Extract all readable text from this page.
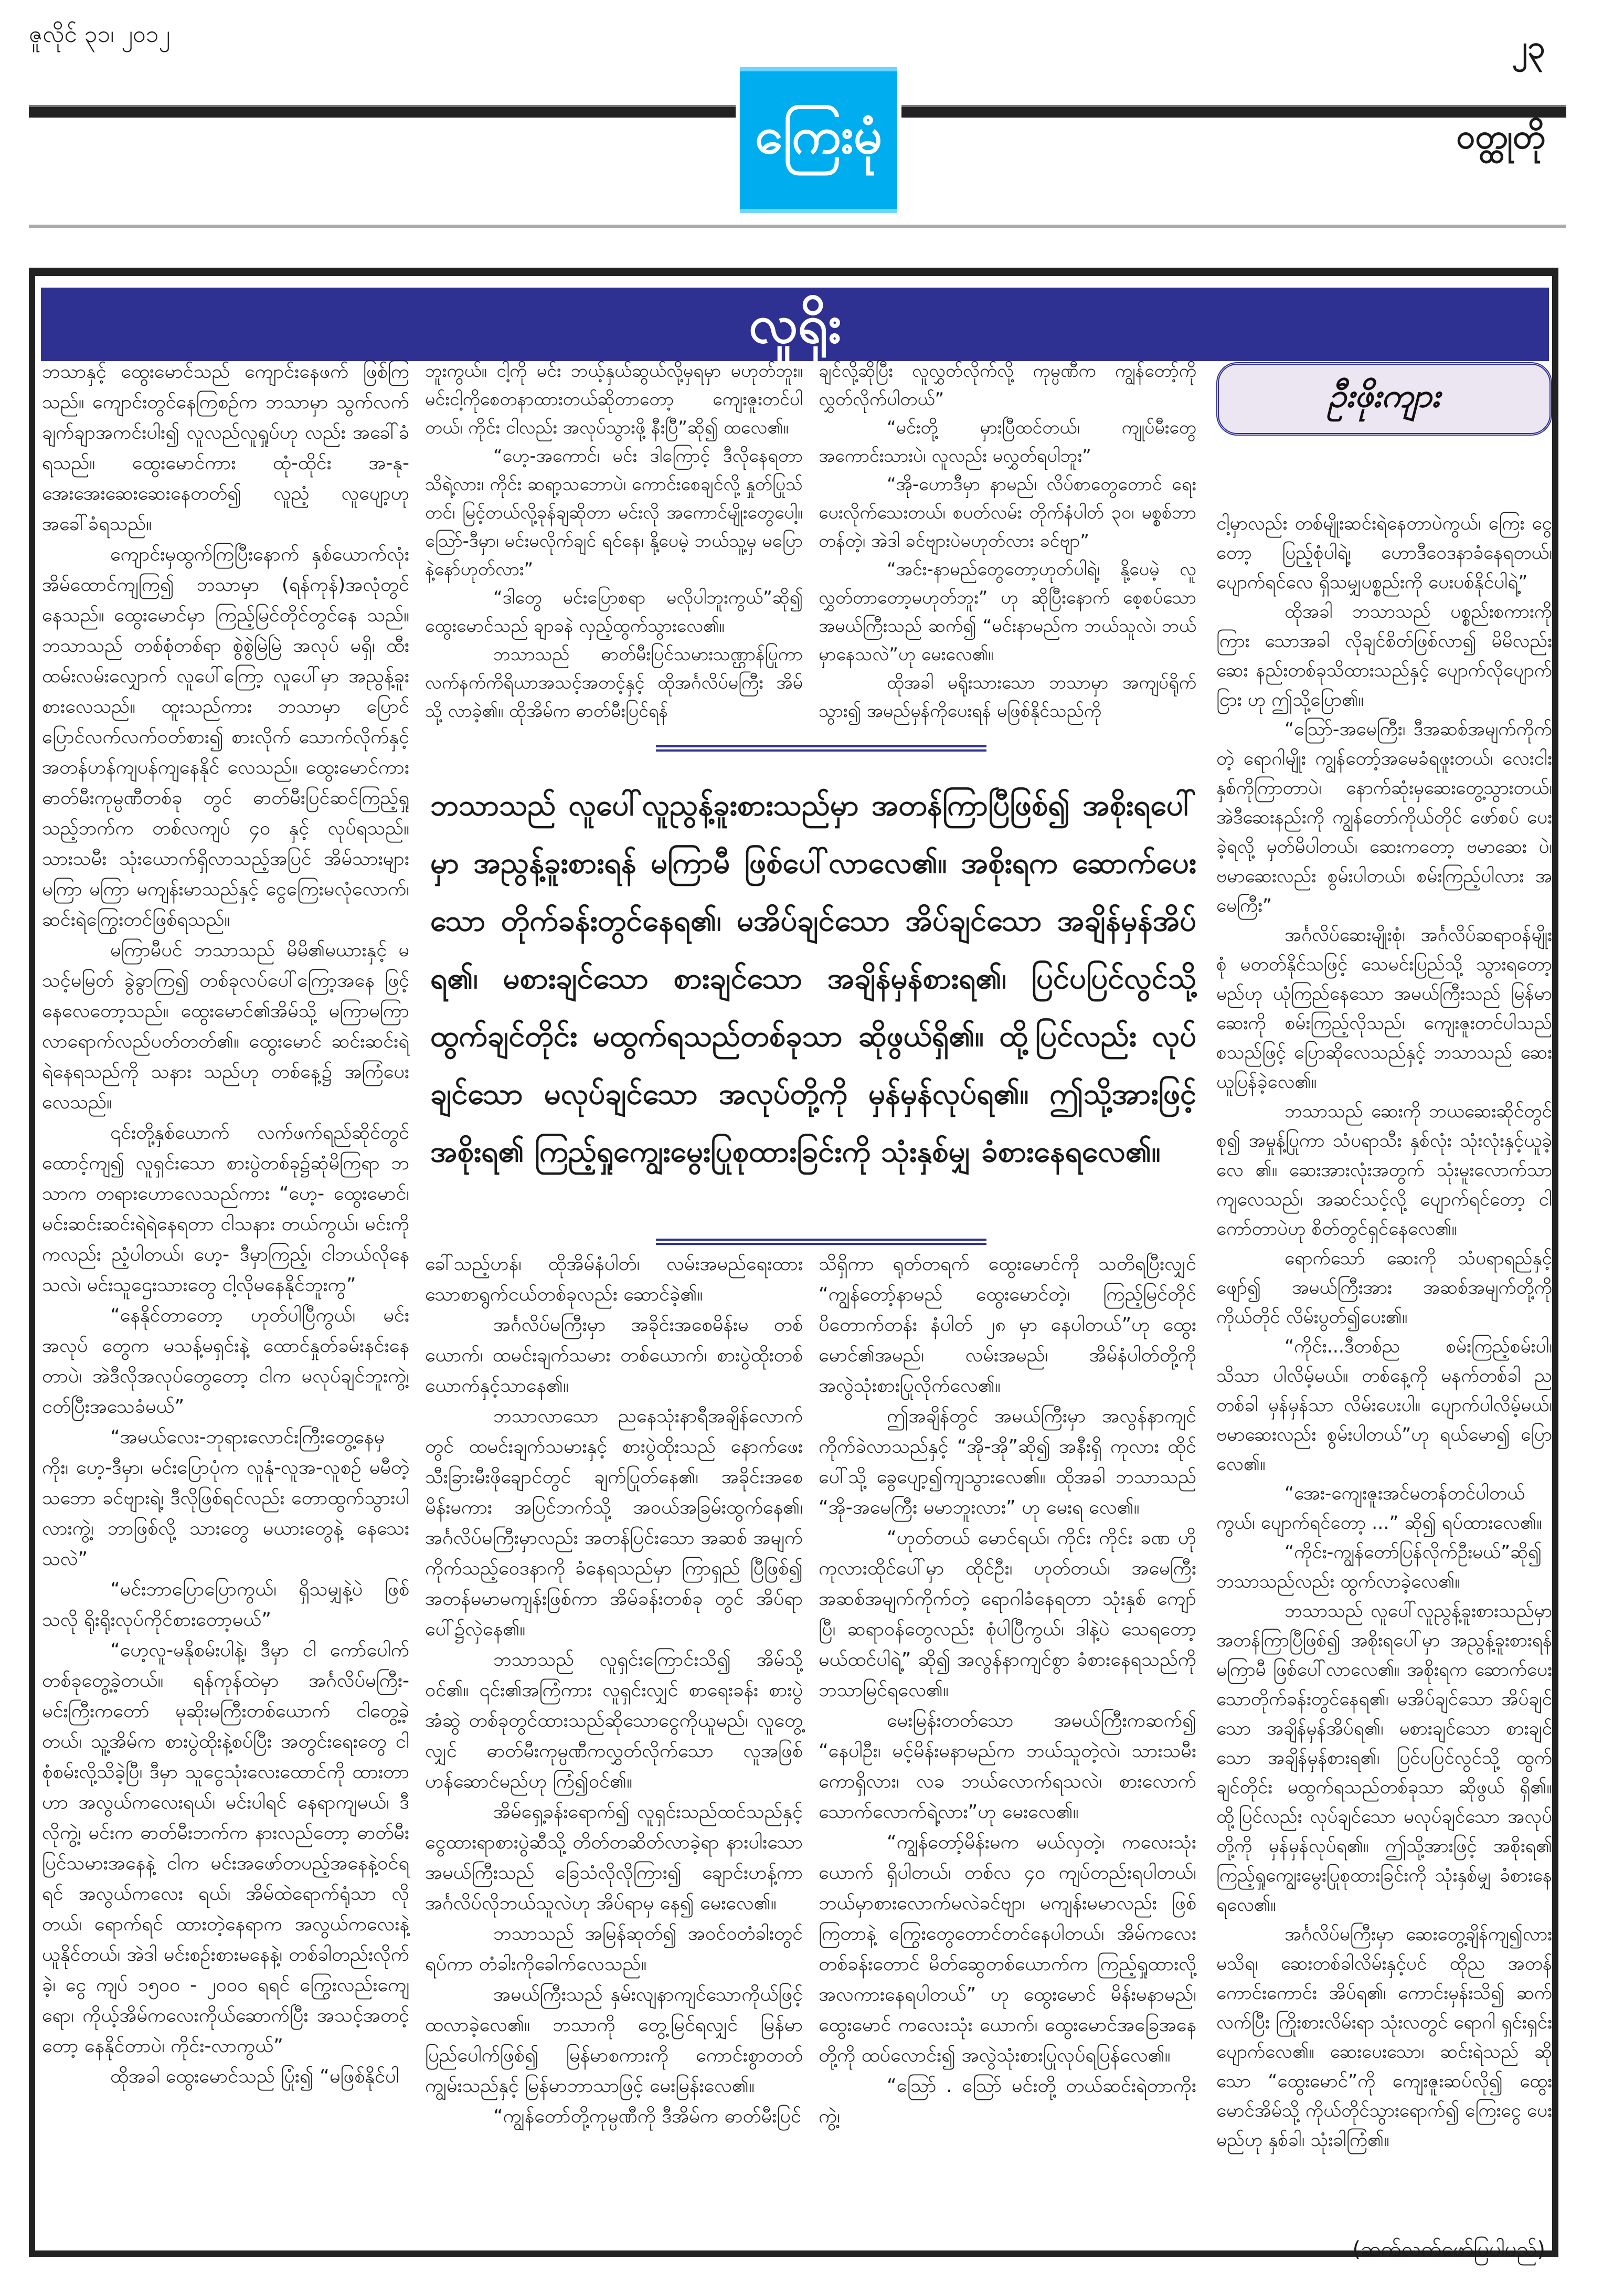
ဇူလိုင် ၃၁၊ ၂၀၁၂	၂၃
ဝတ္ထုတို
ကြေးမုံ
လူရိုး
ဦးဖိုးကျား

ဘသာနှင့် ထွေးမောင်သည် ကျောင်းနေဖက် ဖြစ်ကြသည်။ ကျောင်းတွင်နေကြစဉ်က ဘသာမှာ သွက်လက်ချက်ချာအကင်းပါး၍ လူလည်လူရှုပ်ဟု လည်း အခေါ်ခံရသည်။ ထွေးမောင်ကား ထုံ-ထိုင်း အ-နု- အေးအေးဆေးဆေးနေတတ်၍ လူညံ့ လူပျော့ဟု အခေါ်ခံရသည်။

ကျောင်းမှထွက်ကြပြီးနောက် နှစ်ယောက်လုံး အိမ်ထောင်ကျကြ၍ ဘသာမှာ (ရန်ကုန်)အလုံတွင် နေသည်။ ထွေးမောင်မှာ ကြည့်မြင်တိုင်တွင်နေ သည်။ ဘသာသည် တစ်စုံတစ်ရာ စွဲစွဲမြဲမြဲ အလုပ် မရှိ၊ ထီးထမ်းလမ်းလျှောက် လူပေါ်ကြော့ လူပေါ်မှာ အညွန့်ခူးစားလေသည်။ ထူးသည်ကား ဘသာမှာ ပြောင်ပြောင်လက်လက်ဝတ်စား၍ စားလိုက် သောက်လိုက်နှင့် အတန်ဟန်ကျပန်ကျနေနိုင် လေသည်။ ထွေးမောင်ကား ဓာတ်မီးကုမ္ပဏီတစ်ခု တွင် ဓာတ်မီးပြင်ဆင်ကြည့်ရှုသည့်ဘက်က တစ်လကျပ် ၄၀ နှင့် လုပ်ရသည်။ သားသမီး သုံးယောက်ရှိလာသည့်အပြင် အိမ်သားများ မကြာ မကြာ မကျန်းမာသည်နှင့် ငွေကြေးမလုံလောက်၊ ဆင်းရဲကြွေးတင်ဖြစ်ရသည်။

မကြာမီပင် ဘသာသည် မိမိ၏မယားနှင့် မသင့်မမြတ် ခွဲခွာကြ၍ တစ်ခုလပ်ပေါ်ကြော့အနေ ဖြင့် နေလေတော့သည်။ ထွေးမောင်၏အိမ်သို့ မကြာမကြာ လာရောက်လည်ပတ်တတ်၏။ ထွေးမောင် ဆင်းဆင်းရဲရဲနေရသည်ကို သနား သည်ဟု တစ်နေ့၌ အကြံပေးလေသည်။

၎င်းတို့နှစ်ယောက် လက်ဖက်ရည်ဆိုင်တွင် ထောင့်ကျ၍ လူရှင်းသော စားပွဲတစ်ခု၌ဆုံမိကြရာ ဘသာက တရားဟောလေသည်ကား “ဟေ့- ထွေးမောင်၊ မင်းဆင်းဆင်းရဲရဲနေရတာ ငါသနား တယ်ကွယ်၊ မင်းကိုကလည်း ညံ့ပါတယ်၊ ဟေ့- ဒီမှာကြည့်၊ ငါဘယ်လိုနေသလဲ၊ မင်းသူဌေးသားတွေ ငါ့လိုမနေနိုင်ဘူးကွ”

“နေနိုင်တာတော့ ဟုတ်ပါပြီကွယ်၊ မင်းအလုပ် တွေက မသန့်မရှင်းနဲ့ ထောင်နှုတ်ခမ်းနင်းနေတာပဲ၊ အဲဒီလိုအလုပ်တွေတော့ ငါက မလုပ်ချင်ဘူးကွဲ့၊ ငတ်ပြီးအသေခံမယ်”

“အမယ်လေး-ဘုရားလောင်းကြီးတွေ့နေမှ ကိုး၊ ဟေ့-ဒီမှာ၊ မင်းပြောပုံက လူနုံ-လူအ-လူစဉ် မမီတဲ့သဘော ခင်ဗျားရဲ့၊ ဒီလိုဖြစ်ရင်လည်း တောထွက်သွားပါလားကွဲ့၊ ဘာဖြစ်လို့ သားတွေ မယားတွေနဲ့ နေသေးသလဲ”

“မင်းဘာပြောပြောကွယ်၊ ရှိသမျှနဲ့ပဲ ဖြစ်သလို ရိုးရိုးလုပ်ကိုင်စားတော့မယ်”

“ဟေ့လူ-မနိုစမ်းပါနဲ့၊ ဒီမှာ ငါ ကော်ပေါက် တစ်ခုတွေ့ခဲ့တယ်။ ရန်ကုန်ထဲမှာ အင်္ဂလိပ်မကြီး- မင်းကြီးကတော် မုဆိုးမကြီးတစ်ယောက် ငါတွေ့ခဲ့ တယ်၊ သူ့အိမ်က စားပွဲထိုးနဲ့စပ်ပြီး အတွင်းရေးတွေ ငါစုံစမ်းလို့သိခဲ့ပြီ၊ ဒီမှာ သူငွေသုံးလေးထောင်ကို ထားတာဟာ အလွယ်ကလေးရယ်၊ မင်းပါရင် နေရာကျမယ်၊ ဒီလိုကွဲ့၊ မင်းက ဓာတ်မီးဘက်က နားလည်တော့ ဓာတ်မီးပြင်သမားအနေနဲ့ ငါက မင်းအဖော်တပည့်အနေနဲ့ဝင်ရရင် အလွယ်ကလေး ရယ်၊ အိမ်ထဲရောက်ရုံသာ လိုတယ်၊ ရောက်ရင် ထားတဲ့နေရာက အလွယ်ကလေးနဲ့ ယူနိုင်တယ်၊ အဲဒါ မင်းစဉ်းစားမနေနဲ့၊ တစ်ခါတည်းလိုက်ခဲ့၊ ငွေ ကျပ် ၁၅၀၀ - ၂၀၀၀ ရရင် ကြွေးလည်းကျေရော၊ ကိုယ့်အိမ်ကလေးကိုယ်ဆောက်ပြီး အသင့်အတင့် တော့ နေနိုင်တာပဲ၊ ကိုင်း-လာကွယ်”

ထိုအခါ ထွေးမောင်သည် ပြုံး၍ “မဖြစ်နိုင်ပါ

ဘူးကွယ်။ ငါ့ကို မင်း ဘယ့်နှယ်ဆွယ်လို့မှရမှာ မဟုတ်ဘူး။ မင်းငါ့ကိုစေတနာထားတယ်ဆိုတာတော့ ကျေးဇူးတင်ပါတယ်၊ ကိုင်း ငါလည်း အလုပ်သွားဖို့ နီးပြီ”ဆို၍ ထလေ၏။

“ဟေ့-အကောင်၊ မင်း ဒါကြောင့် ဒီလိုနေရတာ သိရဲ့လား၊ ကိုင်း ဆရာ့သဘောပဲ၊ ကောင်းစေချင်လို့ နှုတ်ပြုသ်တင်၊ မြင့်တယ်လို့ခုန်ချဆိုတာ မင်းလို အကောင်မျိုးတွေပေါ့။ ဩော်-ဒီမှာ၊ မင်းမလိုက်ချင် ရင်နေ၊ နို့ပေမဲ့ ဘယ်သူ့မှ မပြောနဲ့နော်ဟုတ်လား”

“ဒါတွေ မင်းပြောစရာ မလိုပါဘူးကွယ်”ဆို၍ ထွေးမောင်သည် ချာခနဲ လှည့်ထွက်သွားလေ၏။

ဘသာသည် ဓာတ်မီးပြင်သမားသဏ္ဌာန်ပြုကာ လက်နက်ကိရိယာအသင့်အတင့်နှင့် ထိုအင်္ဂလိပ်မကြီး အိမ်သို့ လာခဲ့၏။ ထိုအိမ်က ဓာတ်မီးပြင်ရန်

ချင်လို့ဆိုပြီး လူလွှတ်လိုက်လို့ ကုမ္ပဏီက ကျွန်တော့်ကို လွှတ်လိုက်ပါတယ်”

“မင်းတို့ မှားပြီထင်တယ်၊ ကျုပ်မီးတွေ အကောင်းသားပဲ၊ လူလည်း မလွှတ်ရပါဘူး”

“အို-ဟောဒီမှာ နာမည်၊ လိပ်စာတွေတောင် ရေးပေးလိုက်သေးတယ်၊ စပတ်လမ်း တိုက်နံပါတ် ၃၀၊ မစ္စစ်ဘာတန်တဲ့၊ အဲဒါ ခင်ဗျားပဲမဟုတ်လား ခင်ဗျာ”

“အင်း-နာမည်တွေတော့ဟုတ်ပါရဲ့၊ နို့ပေမဲ့ လူလွှတ်တာတော့မဟုတ်ဘူး” ဟု ဆိုပြီးနောက် စေ့စပ်သောအမယ်ကြီးသည် ဆက်၍ “မင်းနာမည်က ဘယ်သူလဲ၊ ဘယ်မှာနေသလဲ”ဟု မေးလေ၏။

ထိုအခါ မရိုးသားသော ဘသာမှာ အကျပ်ရိုက် သွား၍ အမည်မှန်ကိုပေးရန် မဖြစ်နိုင်သည်ကို

ငါ့မှာလည်း တစ်မျိုးဆင်းရဲနေတာပဲကွယ်၊ ကြေး ငွေတော့ ပြည့်စုံပါရဲ့၊ ဟောဒီဝေဒနာခံနေရတယ်၊ ပျောက်ရင်လေ ရှိသမျှပစ္စည်းကို ပေးပစ်နိုင်ပါရဲ့”

ထိုအခါ ဘသာသည် ပစ္စည်းစကားကို ကြား သောအခါ လိုချင်စိတ်ဖြစ်လာ၍ မိမိလည်း ဆေး နည်းတစ်ခုသိထားသည်နှင့် ပျောက်လိုပျောက်ငြား ဟု ဤသို့ပြော၏။

“ဩော်-အမေကြီး၊ ဒီအဆစ်အမျက်ကိုက်တဲ့ ရောဂါမျိုး ကျွန်တော့်အမေခံရဖူးတယ်၊ လေးငါး နှစ်ကိုကြာတာပဲ၊ နောက်ဆုံးမှဆေးတွေ့သွားတယ်၊ အဲဒီဆေးနည်းကို ကျွန်တော်ကိုယ်တိုင် ဖော်စပ် ပေးခဲ့ရလို့ မှတ်မိပါတယ်၊ ဆေးကတော့ ဗမာဆေး ပဲ၊ ဗမာဆေးလည်း စွမ်းပါတယ်၊ စမ်းကြည့်ပါလား အမေကြီး”

အင်္ဂလိပ်ဆေးမျိုးစုံ၊ အင်္ဂလိပ်ဆရာဝန်မျိုးစုံ မတတ်နိုင်သဖြင့် သေမင်းပြည်သို့ သွားရတော့ မည်ဟု ယုံကြည်နေသော အမယ်ကြီးသည် မြန်မာ ဆေးကို စမ်းကြည့်လိုသည်၊ ကျေးဇူးတင်ပါသည် စသည်ဖြင့် ပြောဆိုလေသည်နှင့် ဘသာသည် ဆေးယူပြန်ခဲ့လေ၏။

ဘသာသည် ဆေးကို ဘယဆေးဆိုင်တွင်စု၍ အမှုန့်ပြုကာ သံပရာသီး နှစ်လုံး သုံးလုံးနှင့်ယူခဲ့လေ ၏။ ဆေးအားလုံးအတွက် သုံးမူးလောက်သာ ကျလေသည်၊ အဆင်သင့်လို့ ပျောက်ရင်တော့ ငါကော်တာပဲဟု စိတ်တွင်ရှင်နေလေ၏။

ရောက်သော် ဆေးကို သံပရာရည်နှင့်ဖျော်၍ အမယ်ကြီးအား အဆစ်အမျက်တို့ကို ကိုယ်တိုင် လိမ်းပွတ်၍ပေး၏။

“ကိုင်း...ဒီတစ်ည စမ်းကြည့်စမ်းပါ၊ သိသာ ပါလိမ့်မယ်။ တစ်နေ့ကို မနက်တစ်ခါ ညတစ်ခါ မှန်မှန်သာ လိမ်းပေးပါ။ ပျောက်ပါလိမ့်မယ်၊ ဗမာဆေးလည်း စွမ်းပါတယ်”ဟု ရယ်မော၍ ပြောလေ၏။

“အေး-ကျေးဇူးအင်မတန်တင်ပါတယ်ကွယ်၊ ပျောက်ရင်တော့ ...” ဆို၍ ရပ်ထားလေ၏။

“ကိုင်း-ကျွန်တော်ပြန်လိုက်ဦးမယ်”ဆို၍ ဘသာသည်လည်း ထွက်လာခဲ့လေ၏။

ဘသာသည် လူပေါ်လူညွန့်ခူးစားသည်မှာ အတန်ကြာပြီဖြစ်၍ အစိုးရပေါ်မှာ အညွန့်ခူးစားရန် မကြာမီ ဖြစ်ပေါ်လာလေ၏။ အစိုးရက ဆောက်ပေး သောတိုက်ခန်းတွင်နေရ၏၊ မအိပ်ချင်သော အိပ်ချင်သော အချိန်မှန်အိပ်ရ၏၊ မစားချင်သော စားချင်သော အချိန်မှန်စားရ၏၊ ပြင်ပပြင်လွင်သို့ ထွက်ချင်တိုင်း မထွက်ရသည်တစ်ခုသာ ဆိုဖွယ် ရှိ၏။ ထို့ပြင်လည်း လုပ်ချင်သော မလုပ်ချင်သော အလုပ်တို့ကို မှန်မှန်လုပ်ရ၏။ ဤသို့အားဖြင့် အစိုးရ၏ ကြည့်ရှုကျွေးမွေးပြုစုထားခြင်းကို သုံးနှစ်မျှ ခံစားနေရလေ၏။

အင်္ဂလိပ်မကြီးမှာ ဆေးတွေ့ချိန်ကျ၍လား မသိရ၊ ဆေးတစ်ခါလိမ်းနှင့်ပင် ထိုည အတန် ကောင်းကောင်း အိပ်ရ၏၊ ကောင်းမှန်းသိ၍ ဆက် လက်ပြီး ကြိုးစားလိမ်းရာ သုံးလတွင် ရောဂါ ရှင်းရှင်းပျောက်လေ၏။ ဆေးပေးသော၊ ဆင်းရဲသည် ဆိုသော “ထွေးမောင်”ကို ကျေးဇူးဆပ်လို၍ ထွေးမောင်အိမ်သို့ ကိုယ်တိုင်သွားရောက်၍ ကြေးငွေ ပေးမည်ဟု နှစ်ခါ၊ သုံးခါကြံ၏။

ခေါ်သည့်ဟန်၊ ထိုအိမ်နံပါတ်၊ လမ်းအမည်ရေးထား သောစာရွက်ငယ်တစ်ခုလည်း ဆောင်ခဲ့၏။

အင်္ဂလိပ်မကြီးမှာ အခိုင်းအစေမိန်းမ တစ်ယောက်၊ ထမင်းချက်သမား တစ်ယောက်၊ စားပွဲထိုးတစ်ယောက်နှင့်သာနေ၏။

ဘသာလာသော ညနေသုံးနာရီအချိန်လောက် တွင် ထမင်းချက်သမားနှင့် စားပွဲထိုးသည် နောက်ဖေး သီးခြားမီးဖိုချောင်တွင် ချက်ပြုတ်နေ၏၊ အခိုင်းအစေ မိန်းမကား အပြင်ဘက်သို့ အဝယ်အခြမ်းထွက်နေ၏၊ အင်္ဂလိပ်မကြီးမှာလည်း အတန်ပြင်းသော အဆစ် အမျက်ကိုက်သည့်ဝေဒနာကို ခံနေရသည်မှာ ကြာရှည် ပြီဖြစ်၍ အတန်မမာမကျန်းဖြစ်ကာ အိမ်ခန်းတစ်ခု တွင် အိပ်ရာပေါ်၌လှဲနေ၏။

ဘသာသည် လူရှင်းကြောင်းသိ၍ အိမ်သို့ဝင်၏။ ၎င်း၏အကြံကား လူရှင်းလျှင် စာရေးခန်း စားပွဲအံဆွဲ တစ်ခုတွင်ထားသည်ဆိုသောငွေကိုယူမည်၊ လူတွေ့ လျှင် ဓာတ်မီးကုမ္ပဏီကလွှတ်လိုက်သော လူအဖြစ် ဟန်ဆောင်မည်ဟု ကြံ၍ဝင်၏။

အိမ်ရှေ့ခန်းရောက်၍ လူရှင်းသည်ထင်သည်နှင့် ငွေထားရာစားပွဲဆီသို့ တိတ်တဆိတ်လာခဲ့ရာ နားပါးသော အမယ်ကြီးသည် ခြေသံလိုလိုကြား၍ ချောင်းဟန့်ကာ အင်္ဂလိပ်လိုဘယ်သူလဲဟု အိပ်ရာမှ နေ၍ မေးလေ၏။

ဘသာသည် အမြန်ဆုတ်၍ အဝင်ဝတံခါးတွင် ရပ်ကာ တံခါးကိုခေါက်လေသည်။

အမယ်ကြီးသည် နှမ်းလျနာကျင်သောကိုယ်ဖြင့် ထလာခဲ့လေ၏။ ဘသာကို တွေ့မြင်ရလျှင် မြန်မာ ပြည်ပေါက်ဖြစ်၍ မြန်မာစကားကို ကောင်းစွာတတ် ကျွမ်းသည်နှင့် မြန်မာဘာသာဖြင့် မေးမြန်းလေ၏။

“ကျွန်တော်တို့ကုမ္ပဏီကို ဒီအိမ်က ဓာတ်မီးပြင်

သိရှိကာ ရုတ်တရက် ထွေးမောင်ကို သတိရပြီးလျှင် “ကျွန်တော့်နာမည် ထွေးမောင်တဲ့၊ ကြည့်မြင်တိုင် ပိတောက်တန်း နံပါတ် ၂၈ မှာ နေပါတယ်”ဟု ထွေးမောင်၏အမည်၊ လမ်းအမည်၊ အိမ်နံပါတ်တို့ကို အလွဲသုံးစားပြုလိုက်လေ၏။

ဤအချိန်တွင် အမယ်ကြီးမှာ အလွန်နာကျင် ကိုက်ခဲလာသည်နှင့် “အို-အို”ဆို၍ အနီးရှိ ကုလား ထိုင်ပေါ်သို့ ခွေပျော့၍ကျသွားလေ၏။ ထိုအခါ ဘသာသည် “အို-အမေကြီး မမာဘူးလား” ဟု မေးရ လေ၏။

“ဟုတ်တယ် မောင်ရယ်၊ ကိုင်း ကိုင်း ခဏ ဟိုကုလားထိုင်ပေါ်မှာ ထိုင်ဦး၊ ဟုတ်တယ်၊ အမေကြီး အဆစ်အမျက်ကိုက်တဲ့ ရောဂါခံနေရတာ သုံးနှစ် ကျော်ပြီ၊ ဆရာဝန်တွေလည်း စုံပါပြီကွယ်၊ ဒါနဲ့ပဲ သေရတော့မယ်ထင်ပါရဲ့” ဆို၍ အလွန်နာကျင်စွာ ခံစားနေရသည်ကို ဘသာမြင်ရလေ၏။

မေးမြန်းတတ်သော အမယ်ကြီးကဆက်၍ “နေပါဦး၊ မင့်မိန်းမနာမည်က ဘယ်သူတဲ့လဲ၊ သားသမီးကောရှိလား၊ လခ ဘယ်လောက်ရသလဲ၊ စားလောက်သောက်လောက်ရဲ့လား”ဟု မေးလေ၏။

“ကျွန်တော့်မိန်းမက မယ်လှတဲ့၊ ကလေးသုံး ယောက် ရှိပါတယ်၊ တစ်လ ၄၀ ကျပ်တည်းရပါတယ်၊ ဘယ်မှာစားလောက်မလဲခင်ဗျာ၊ မကျန်းမမာလည်း ဖြစ်ကြတာနဲ့ ကြွေးတွေတောင်တင်နေပါတယ်၊ အိမ်ကလေးတစ်ခန်းတောင် မိတ်ဆွေတစ်ယောက်က ကြည့်ရှုထားလို့ အလကားနေရပါတယ်” ဟု ထွေးမောင် မိန်းမနာမည်၊ ထွေးမောင် ကလေးသုံး ယောက်၊ ထွေးမောင်အခြေအနေတို့ကို ထပ်လောင်း၍ အလွဲသုံးစားပြုလုပ်ရပြန်လေ၏။

“ဩော် . ဩော် မင်းတို့ တယ်ဆင်းရဲတာကိုးကွဲ့၊

ဘသာသည် လူပေါ်လူညွန့်ခူးစားသည်မှာ အတန်ကြာပြီဖြစ်၍ အစိုးရပေါ်မှာ အညွန့်ခူးစားရန် မကြာမီ ဖြစ်ပေါ်လာလေ၏။ အစိုးရက ဆောက်ပေးသော တိုက်ခန်းတွင်နေရ၏၊ မအိပ်ချင်သော အိပ်ချင်သော အချိန်မှန်အိပ်ရ၏၊ မစားချင်သော စားချင်သော အချိန်မှန်စားရ၏၊ ပြင်ပပြင်လွင်သို့ ထွက်ချင်တိုင်း မထွက်ရသည်တစ်ခုသာ ဆိုဖွယ်ရှိ၏။ ထို့ပြင်လည်း လုပ်ချင်သော မလုပ်ချင်သော အလုပ်တို့ကို မှန်မှန်လုပ်ရ၏။ ဤသို့အားဖြင့် အစိုးရ၏ ကြည့်ရှုကျွေးမွေးပြုစုထားခြင်းကို သုံးနှစ်မျှ ခံစားနေရလေ၏။

(ဆက်လက်ဖော်ပြပါမည်)
